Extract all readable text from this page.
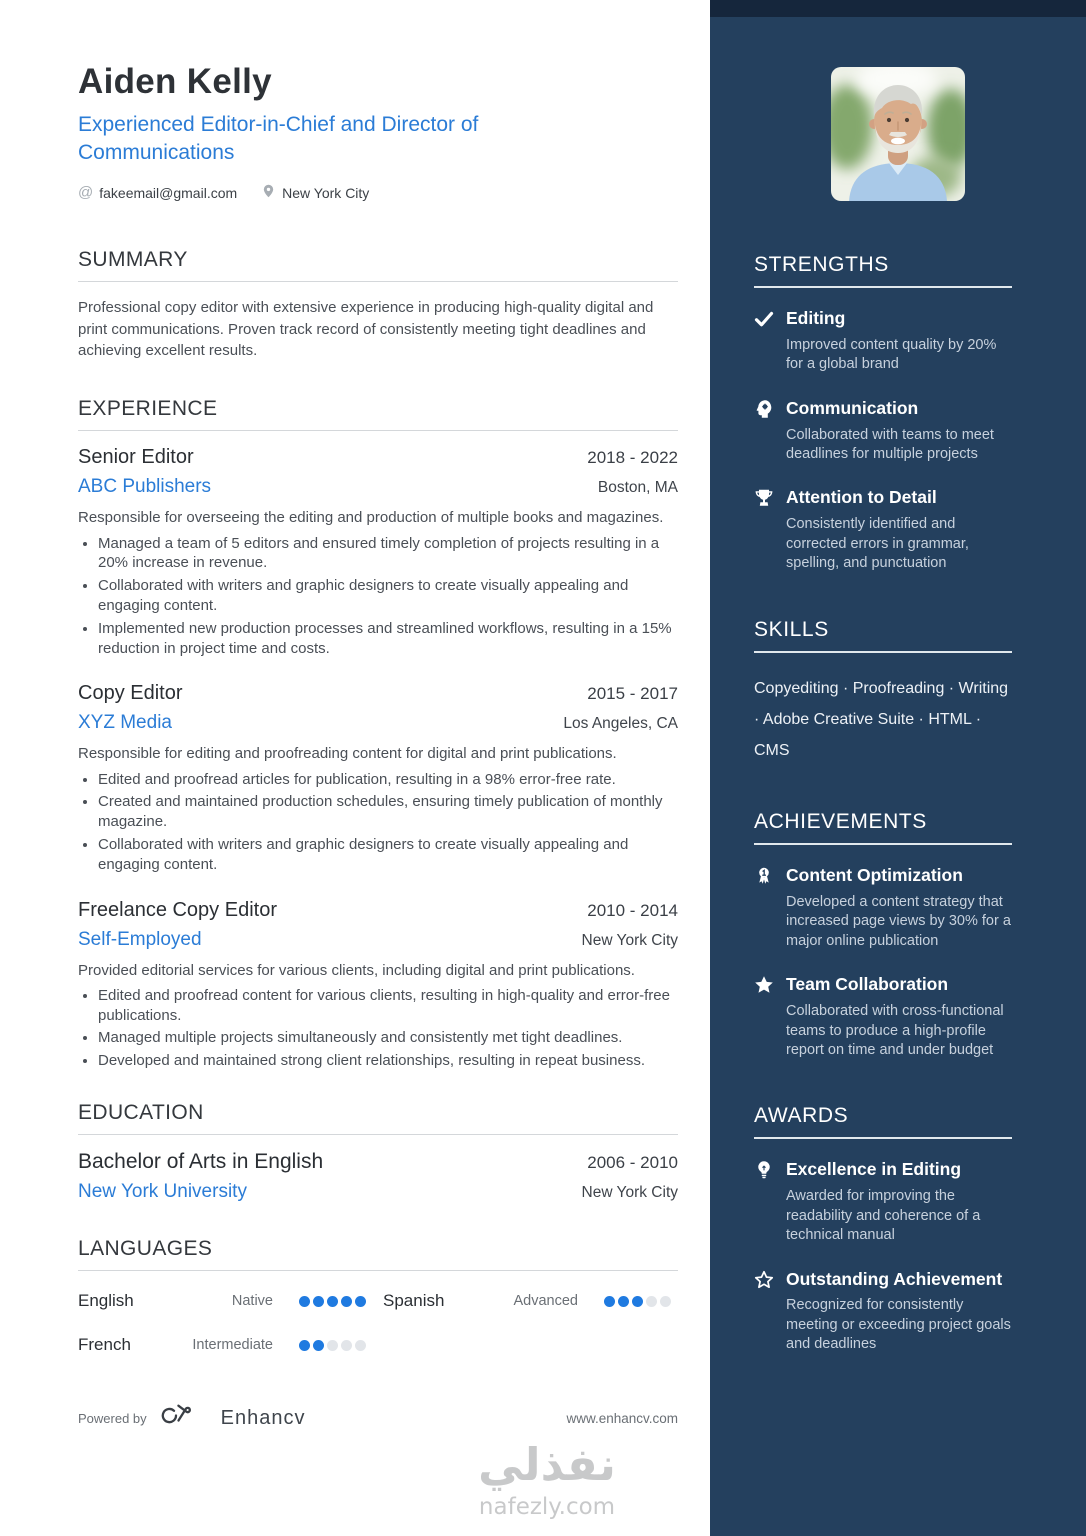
Aiden Kelly
Experienced Editor-in-Chief and Director of Communications
@ fakeemail@gmail.com	New York City
SUMMARY

Professional copy editor with extensive experience in producing high-quality digital and print communications. Proven track record of consistently meeting tight deadlines and achieving excellent results.

EXPERIENCE
Senior Editor	2018 - 2022
ABC Publishers	Boston, MA

Responsible for overseeing the editing and production of multiple books and magazines.

• Managed a team of 5 editors and ensured timely completion of projects resulting in a 20% increase in revenue.
• Collaborated with writers and graphic designers to create visually appealing and engaging content.
• Implemented new production processes and streamlined workflows, resulting in a 15% reduction in project time and costs.
Copy Editor	2015 - 2017
XYZ Media	Los Angeles, CA

Responsible for editing and proofreading content for digital and print publications.

• Edited and proofread articles for publication, resulting in a 98% error-free rate.
• Created and maintained production schedules, ensuring timely publication of monthly magazine.
• Collaborated with writers and graphic designers to create visually appealing and engaging content.
Freelance Copy Editor	2010 - 2014
Self-Employed	New York City

Provided editorial services for various clients, including digital and print publications.

• Edited and proofread content for various clients, resulting in high-quality and error-free publications.
• Managed multiple projects simultaneously and consistently met tight deadlines.
• Developed and maintained strong client relationships, resulting in repeat business.
EDUCATION
Bachelor of Arts in English	2006 - 2010
New York University	New York City
LANGUAGES
English	Native	Spanish	Advanced
French	Intermediate
Powered by	Enhancv	www.enhancv.com
STRENGTHS
Editing
Improved content quality by 20% for a global brand
Communication
Collaborated with teams to meet deadlines for multiple projects
Attention to Detail
Consistently identified and corrected errors in grammar, spelling, and punctuation
SKILLS

Copyediting · Proofreading · Writing · Adobe Creative Suite · HTML · CMS

ACHIEVEMENTS
Content Optimization
Developed a content strategy that increased page views by 30% for a major online publication
Team Collaboration
Collaborated with cross-functional teams to produce a high-profile report on time and under budget
AWARDS
Excellence in Editing
Awarded for improving the readability and coherence of a technical manual
Outstanding Achievement
Recognized for consistently meeting or exceeding project goals and deadlines
نفذلي
nafezly.com
